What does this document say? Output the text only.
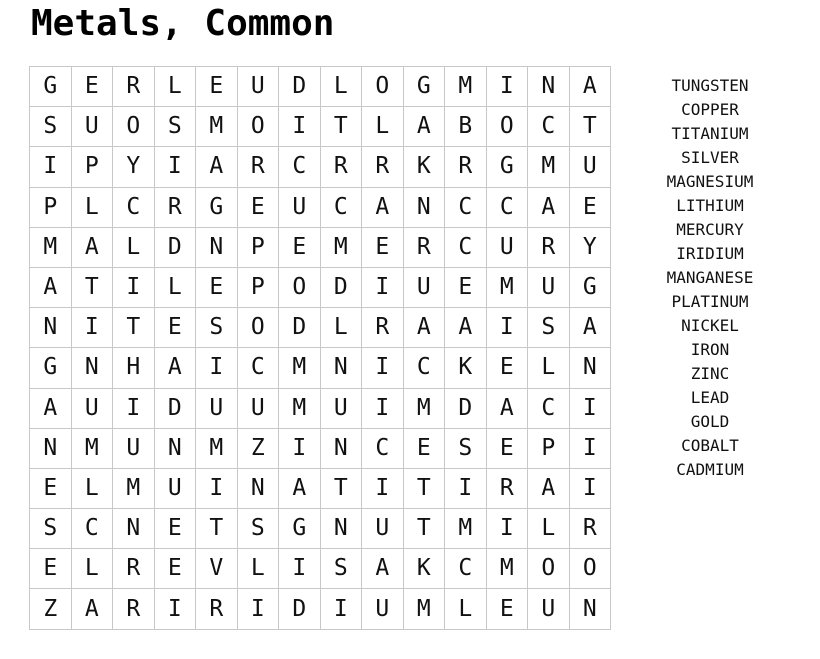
Metals, Common
G	E	R	L	E	U	D	L	O	G	M	I	N	A
S	U	O	S	M	O	I	T	L	A	B	O	C	T
I	P	Y	I	A	R	C	R	R	K	R	G	M	U
P	L	C	R	G	E	U	C	A	N	C	C	A	E
M	A	L	D	N	P	E	M	E	R	C	U	R	Y
A	T	I	L	E	P	O	D	I	U	E	M	U	G
N	I	T	E	S	O	D	L	R	A	A	I	S	A
G	N	H	A	I	C	M	N	I	C	K	E	L	N
A	U	I	D	U	U	M	U	I	M	D	A	C	I
N	M	U	N	M	Z	I	N	C	E	S	E	P	I
E	L	M	U	I	N	A	T	I	T	I	R	A	I
S	C	N	E	T	S	G	N	U	T	M	I	L	R
E	L	R	E	V	L	I	S	A	K	C	M	O	O
Z	A	R	I	R	I	D	I	U	M	L	E	U	N
TUNGSTEN
COPPER
TITANIUM
SILVER
MAGNESIUM
LITHIUM
MERCURY
IRIDIUM
MANGANESE
PLATINUM
NICKEL
IRON
ZINC
LEAD
GOLD
COBALT
CADMIUM
